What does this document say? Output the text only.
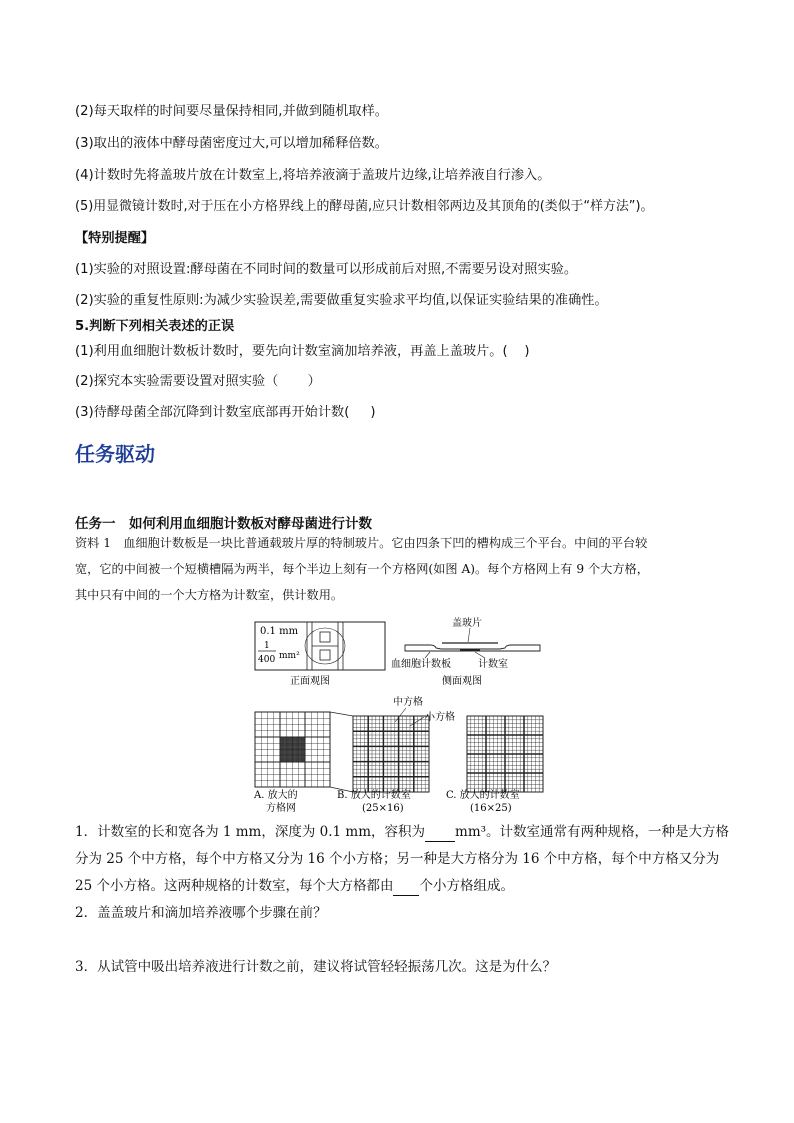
(2)每天取样的时间要尽量保持相同,并做到随机取样。
(3)取出的液体中酵母菌密度过大,可以增加稀释倍数。
(4)计数时先将盖玻片放在计数室上,将培养液滴于盖玻片边缘,让培养液自行渗入。
(5)用显微镜计数时,对于压在小方格界线上的酵母菌,应只计数相邻两边及其顶角的(类似于“样方法”)。
【特别提醒】
(1)实验的对照设置:酵母菌在不同时间的数量可以形成前后对照,不需要另设对照实验。
(2)实验的重复性原则:为减少实验误差,需要做重复实验求平均值,以保证实验结果的准确性。
5.判断下列相关表述的正误
(1)利用血细胞计数板计数时，要先向计数室滴加培养液，再盖上盖玻片。(    )
(2)探究本实验需要设置对照实验（       ）
(3)待酵母菌全部沉降到计数室底部再开始计数(     )
任务驱动
任务一　如何利用血细胞计数板对酵母菌进行计数
资料 1　血细胞计数板是一块比普通载玻片厚的特制玻片。它由四条下凹的槽构成三个平台。中间的平台较
宽，它的中间被一个短横槽隔为两半，每个半边上刻有一个方格网(如图 A)。每个方格网上有 9 个大方格，
其中只有中间的一个大方格为计数室，供计数用。
0.1 mm
1
400 mm²
正面观图
盖玻片
血细胞计数板	计数室
侧面观图
中方格
小方格
A. 放大的
方格网
B. 放大的计数室
(25×16)
C. 放大的计数室
(16×25)
1．计数室的长和宽各为 1 mm，深度为 0.1 mm，容积为 mm³。计数室通常有两种规格，一种是大方格
分为 25 个中方格，每个中方格又分为 16 个小方格；另一种是大方格分为 16 个中方格，每个中方格又分为
25 个小方格。这两种规格的计数室，每个大方格都由 个小方格组成。
2．盖盖玻片和滴加培养液哪个步骤在前？
3．从试管中吸出培养液进行计数之前，建议将试管轻轻振荡几次。这是为什么？
